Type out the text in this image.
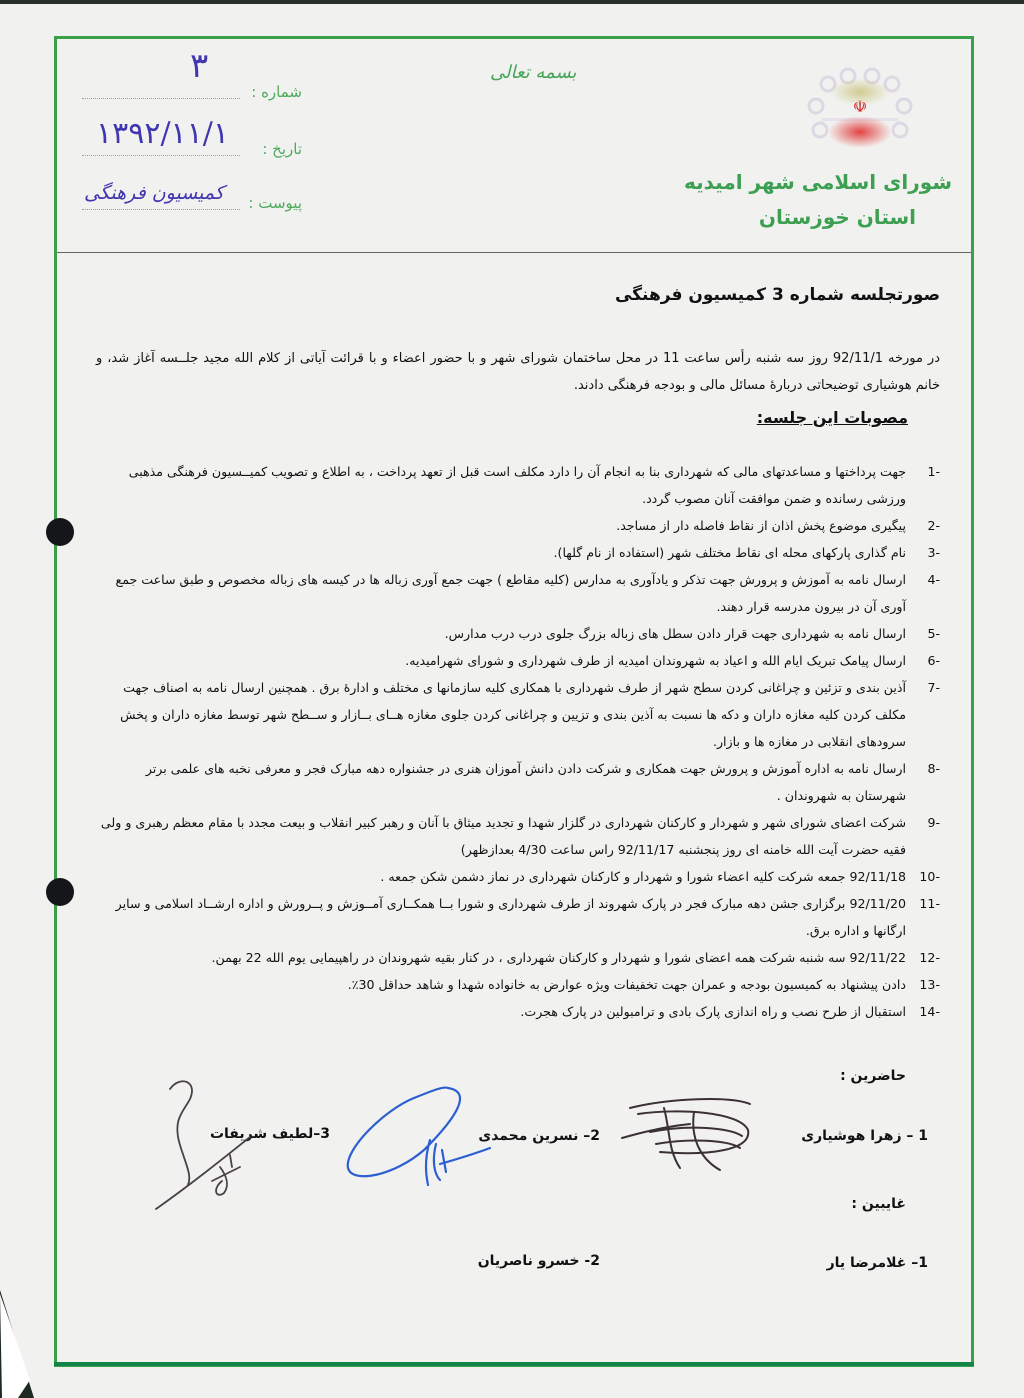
شماره :
۳
تاریخ :
۱۳۹۲/۱۱/۱
پیوست :
کمیسیون فرهنگی
بسمه تعالی
☫
شورای اسلامی شهر امیدیه
استان خوزستان
صورتجلسه شماره 3 کمیسیون فرهنگی
در مورخه 92/11/1 روز سه شنبه رأس ساعت 11 در محل ساختمان شورای شهر و با حضور اعضاء و با قرائت آیاتی از کلام الله مجید جلــسه آغاز شد، و خانم هوشیاری توضیحاتی دربارهٔ مسائل مالی و بودجه فرهنگی دادند.
مصوبات این جلسه:
-1
جهت پرداختها و مساعدتهای مالی که شهرداری بنا به انجام آن را دارد مکلف است قبل از تعهد پرداخت ، به اطلاع و تصویب کمیــسیون فرهنگی مذهبی ورزشی رسانده و ضمن موافقت آنان مصوب گردد.
-2
پیگیری موضوع پخش اذان از نقاط فاصله دار از مساجد.
-3
نام گذاری پارکهای محله ای نقاط مختلف شهر (استفاده از نام گلها).
-4
ارسال نامه به آموزش و پرورش جهت تذکر و یادآوری به مدارس (کلیه مقاطع ) جهت جمع آوری زباله ها در کیسه های زباله مخصوص و طبق ساعت جمع آوری آن در بیرون مدرسه قرار دهند.
-5
ارسال نامه به شهرداری جهت قرار دادن سطل های زباله بزرگ جلوی درب درب مدارس.
-6
ارسال پیامک تبریک ایام الله و اعیاد به شهروندان امیدیه از طرف شهرداری و شورای شهرامیدیه.
-7
آذین بندی و تزئین و چراغانی کردن سطح شهر از طرف شهرداری با همکاری کلیه سازمانها ی مختلف و ادارهٔ برق . همچنین ارسال نامه به اصناف جهت مکلف کردن کلیه مغازه داران و دکه ها نسبت به آذین بندی و تزیین و چراغانی کردن جلوی مغازه هــای بــازار و ســطح شهر توسط مغازه داران و پخش سرودهای انقلابی در مغازه ها و بازار.
-8
ارسال نامه به اداره آموزش و پرورش جهت همکاری و شرکت دادن دانش آموزان هنری در جشنواره دهه مبارک فجر و معرفی نخبه های علمی برتر شهرستان به شهروندان .
-9
شرکت اعضای شورای شهر و شهردار و کارکنان شهرداری در گلزار شهدا و تجدید میثاق با آنان و رهبر کبیر انقلاب و بیعت مجدد با مقام معظم رهبری و ولی فقیه حضرت آیت الله خامنه ای روز پنجشنبه 92/11/17 راس ساعت 4/30 بعدازظهر)
-10
92/11/18 جمعه شرکت کلیه اعضاء شورا و شهردار و کارکنان شهرداری در نماز دشمن شکن جمعه .
-11
92/11/20 برگزاری جشن دهه مبارک فجر در پارک شهروند از طرف شهرداری و شورا بــا همکــاری آمــوزش و پــرورش و اداره ارشــاد اسلامی و سایر ارگانها و اداره برق.
-12
92/11/22 سه شنبه شرکت همه اعضای شورا و شهردار و کارکنان شهرداری ، در کنار بقیه شهروندان در راهپیمایی یوم الله 22 بهمن.
-13
دادن پیشنهاد به کمیسیون بودجه و عمران جهت تخفیفات ویژه عوارض به خانواده شهدا و شاهد حداقل 30٪.
-14
استقبال از طرح نصب و راه اندازی پارک بادی و ترامبولین در پارک هجرت.
حاضرین :
1 – زهرا هوشیاری
2– نسرین محمدی
3–لطیف شریفات
غایبین :
1– غلامرضا یار
2- خسرو ناصریان
